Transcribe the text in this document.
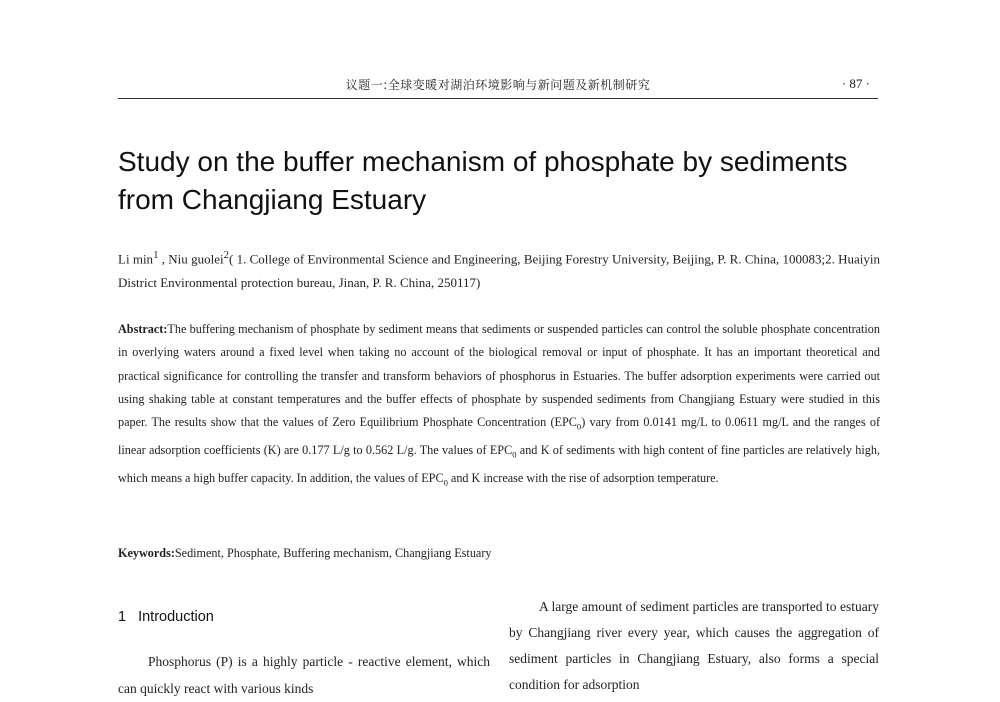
议题一:全球变暖对湖泊环境影响与新问题及新机制研究	· 87 ·
Study on the buffer mechanism of phosphate by sediments
from Changjiang Estuary
Li $\min^1$ , Niu guolei$^2$( 1. College of Environmental Science and Engineering, Beijing Forestry University, Beijing, P. R. China, 100083;2. Huaiyin District Environmental protection bureau, Jinan, P. R. China, 250117)
Abstract:The buffering mechanism of phosphate by sediment means that sediments or suspended particles can control the soluble phosphate concentration in overlying waters around a fixed level when taking no account of the biological removal or input of phosphate. It has an important theoretical and practical significance for controlling the transfer and transform behaviors of phosphorus in Estuaries. The buffer adsorption experiments were carried out using shaking table at constant temperatures and the buffer effects of phosphate by suspended sediments from Changjiang Estuary were studied in this paper. The results show that the values of Zero Equilibrium Phosphate Concentration $(EPC_0)$ vary from 0.0141 mg/L to 0.0611 mg/L and the ranges of linear adsorption coefficients (K) are 0.177 L/g to 0.562 L/g. The values of $EPC_0$ and K of sediments with high content of fine particles are relatively high, which means a high buffer capacity. In addition, the values of $EPC_0$ and K increase with the rise of adsorption temperature.
Keywords:Sediment, Phosphate, Buffering mechanism, Changjiang Estuary
1 Introduction
Phosphorus (P) is a highly particle - reactive element, which can quickly react with various kinds
A large amount of sediment particles are transported to estuary by Changjiang river every year, which causes the aggregation of sediment particles in Changjiang Estuary, also forms a special condition for adsorption
